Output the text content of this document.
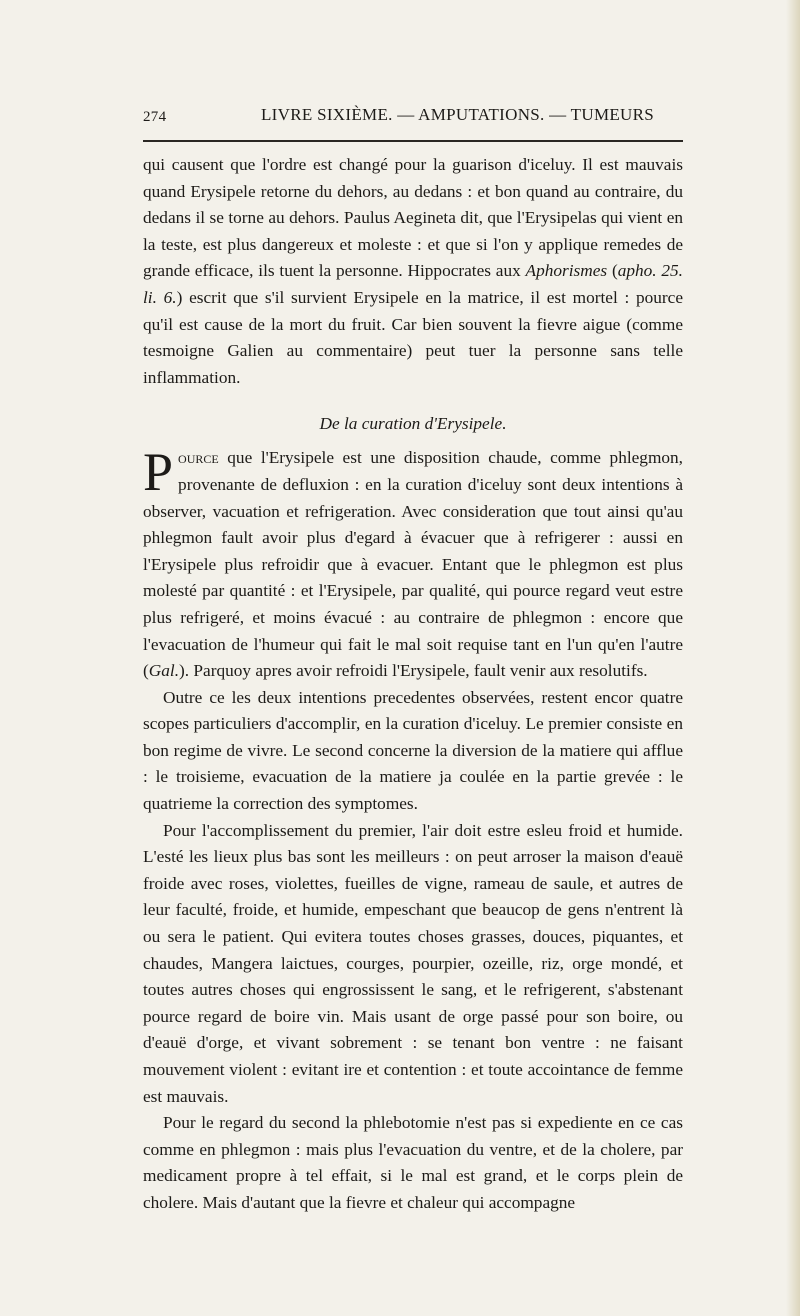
274	LIVRE SIXIÈME. — AMPUTATIONS. — TUMEURS

qui causent que l'ordre est changé pour la guarison d'iceluy. Il est mauvais quand Erysipele retorne du dehors, au dedans : et bon quand au contraire, du dedans il se torne au dehors. Paulus Aegineta dit, que l'Erysipelas qui vient en la teste, est plus dangereux et moleste : et que si l'on y applique remedes de grande efficace, ils tuent la personne. Hippocrates aux Aphorismes (apho. 25. li. 6.) escrit que s'il survient Erysipele en la matrice, il est mortel : pource qu'il est cause de la mort du fruit. Car bien souvent la fievre aigue (comme tesmoigne Galien au commentaire) peut tuer la personne sans telle inflammation.

De la curation d'Erysipele.

Pource que l'Erysipele est une disposition chaude, comme phlegmon, provenante de defluxion : en la curation d'iceluy sont deux intentions à observer, vacuation et refrigeration. Avec consideration que tout ainsi qu'au phlegmon fault avoir plus d'egard à évacuer que à refrigerer : aussi en l'Erysipele plus refroidir que à evacuer. Entant que le phlegmon est plus molesté par quantité : et l'Erysipele, par qualité, qui pource regard veut estre plus refrigeré, et moins évacué : au contraire de phlegmon : encore que l'evacuation de l'humeur qui fait le mal soit requise tant en l'un qu'en l'autre (Gal.). Parquoy apres avoir refroidi l'Erysipele, fault venir aux resolutifs.

Outre ce les deux intentions precedentes observées, restent encor quatre scopes particuliers d'accomplir, en la curation d'iceluy. Le premier consiste en bon regime de vivre. Le second concerne la diversion de la matiere qui afflue : le troisieme, evacuation de la matiere ja coulée en la partie grevée : le quatrieme la correction des symptomes.

Pour l'accomplissement du premier, l'air doit estre esleu froid et humide. L'esté les lieux plus bas sont les meilleurs : on peut arroser la maison d'eauë froide avec roses, violettes, fueilles de vigne, rameau de saule, et autres de leur faculté, froide, et humide, empeschant que beaucop de gens n'entrent là ou sera le patient. Qui evitera toutes choses grasses, douces, piquantes, et chaudes, Mangera laictues, courges, pourpier, ozeille, riz, orge mondé, et toutes autres choses qui engrossissent le sang, et le refrigerent, s'abstenant pource regard de boire vin. Mais usant de orge passé pour son boire, ou d'eauë d'orge, et vivant sobrement : se tenant bon ventre : ne faisant mouvement violent : evitant ire et contention : et toute accointance de femme est mauvais.

Pour le regard du second la phlebotomie n'est pas si expediente en ce cas comme en phlegmon : mais plus l'evacuation du ventre, et de la cholere, par medicament propre à tel effait, si le mal est grand, et le corps plein de cholere. Mais d'autant que la fievre et chaleur qui accompagne
